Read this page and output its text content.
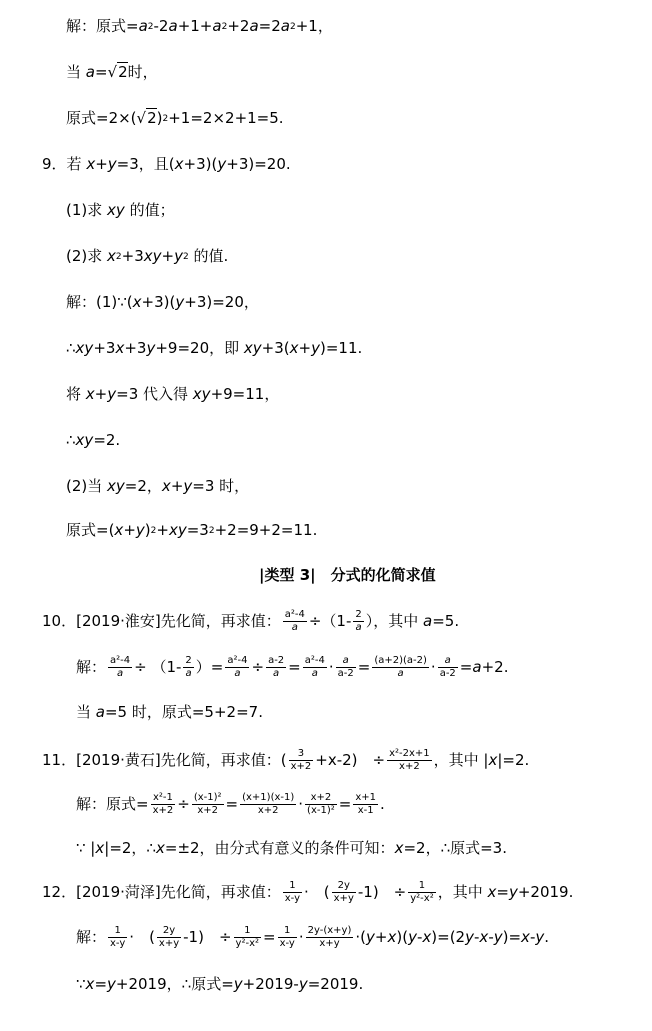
解：原式$=a^2-2a+1+a^2+2a=2a^2+1$，
当 a=√2时，
原式$=2\times(√2)^2+1=2\times 2+1=5$.
9．若 x+y=3，且(x+3)(y+3)=20.
(1)求 xy 的值；
(2)求 $x^2+3xy+y^2$ 的值.
解：(1)∵(x+3)(y+3)=20，
∴xy+3x+3y+9=20，即 xy+3(x+y)=11.
将 x+y=3 代入得 xy+9=11，
∴xy=2.
(2)当 xy=2，x+y=3 时，
原式$=(x+y)^2+xy=3^2+2=9+2=11$.
|类型 3|　分式的化简求值
10．[2019·淮安]先化简，再求值： $\frac{\text{a²-4}}{a} \div(1- \frac{2}{a}$ ），其中 a=5.
解： $\frac{\text{a²-4}}{a} \div (1- \frac{2}{a}$ ）= $\frac{\text{a²-4}}{a} \div \frac{a-2}{a} = \frac{\text{a²-4}}{a} \cdot \frac{a}{a-2} = \frac{(a+2)(a-2)}{a} \cdot \frac{a}{a-2} =a+2$.
当 a=5 时，原式=5+2=7.
11．[2019·黄石]先化简，再求值：( $\frac{3}{x+2} +x-2$)　÷ $\frac{\text{x²-2x+1}}{x+2}$ ，其中 |x|=2.
解：原式= $\frac{\text{x²-1}}{x+2} \div \frac{\text{(x-1)²}}{x+2} = \frac{(x+1)(x-1)}{x+2} \cdot \frac{x+2}{\text{(x-1)²}} = \frac{x+1}{x-1}$ .
∵ |x|=2，∴x=±2，由分式有意义的条件可知：x=2，∴原式=3.
12．[2019·菏泽]先化简，再求值： $\frac{1}{x-y}$ ·　( $\frac{2y}{x+y} -1$)　÷ $\frac{1}{\text{y²-x²}}$ ，其中 x=y+2019.
解： $\frac{1}{x-y}$ ·　( $\frac{2y}{x+y} -1$)　÷ $\frac{1}{\text{y²-x²}} = \frac{1}{x-y} \cdot \frac{2y-(x+y)}{x+y} \cdot(y+x)(y-x)=(2y-x-y)=x-y$.
∵x=y+2019，∴原式=y+2019-y=2019.
